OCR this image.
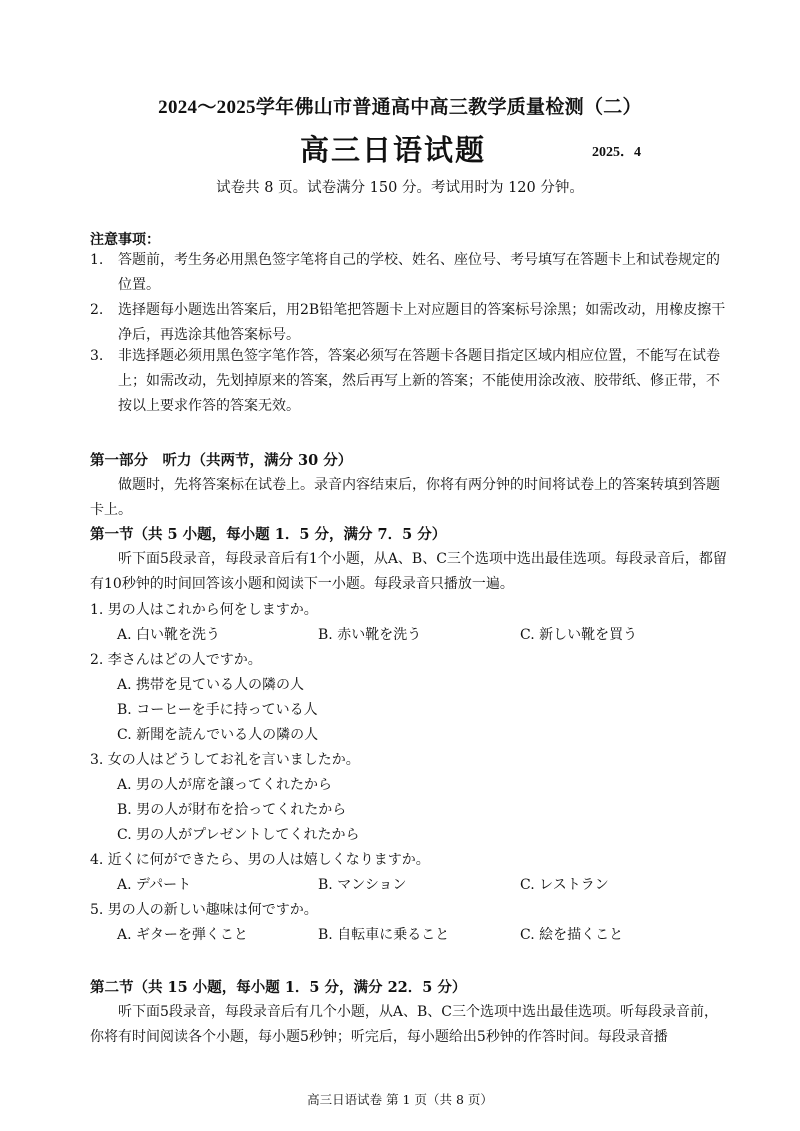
2024～2025学年佛山市普通高中高三教学质量检测（二）
高三日语试题	2025．4
试卷共 8 页。试卷满分 150 分。考试用时为 120 分钟。
注意事项：
1.	答题前，考生务必用黑色签字笔将自己的学校、姓名、座位号、考号填写在答题卡上和试卷规定的位置。
2.	选择题每小题选出答案后，用2B铅笔把答题卡上对应题目的答案标号涂黑；如需改动，用橡皮擦干净后，再选涂其他答案标号。
3.	非选择题必须用黑色签字笔作答，答案必须写在答题卡各题目指定区域内相应位置，不能写在试卷上；如需改动，先划掉原来的答案，然后再写上新的答案；不能使用涂改液、胶带纸、修正带，不按以上要求作答的答案无效。
第一部分　听力（共两节，满分 30 分）
做题时，先将答案标在试卷上。录音内容结束后，你将有两分钟的时间将试卷上的答案转填到答题卡上。
第一节（共 5 小题，每小题 1．5 分，满分 7．5 分）
听下面5段录音，每段录音后有1个小题，从A、B、C三个选项中选出最佳选项。每段录音后，都留有10秒钟的时间回答该小题和阅读下一小题。每段录音只播放一遍。
1. 男の人はこれから何をしますか。
A. 白い靴を洗う	B. 赤い靴を洗う	C. 新しい靴を買う
2. 李さんはどの人ですか。
A. 携帯を見ている人の隣の人
B. コーヒーを手に持っている人
C. 新聞を読んでいる人の隣の人
3. 女の人はどうしてお礼を言いましたか。
A. 男の人が席を譲ってくれたから
B. 男の人が財布を拾ってくれたから
C. 男の人がプレゼントしてくれたから
4. 近くに何ができたら、男の人は嬉しくなりますか。
A. デパート	B. マンション	C. レストラン
5. 男の人の新しい趣味は何ですか。
A. ギターを弾くこと	B. 自転車に乗ること	C. 絵を描くこと
第二节（共 15 小题，每小题 1．5 分，满分 22．5 分）
听下面5段录音，每段录音后有几个小题，从A、B、C三个选项中选出最佳选项。听每段录音前，你将有时间阅读各个小题，每小题5秒钟；听完后，每小题给出5秒钟的作答时间。每段录音播
高三日语试卷 第 1 页（共 8 页）
